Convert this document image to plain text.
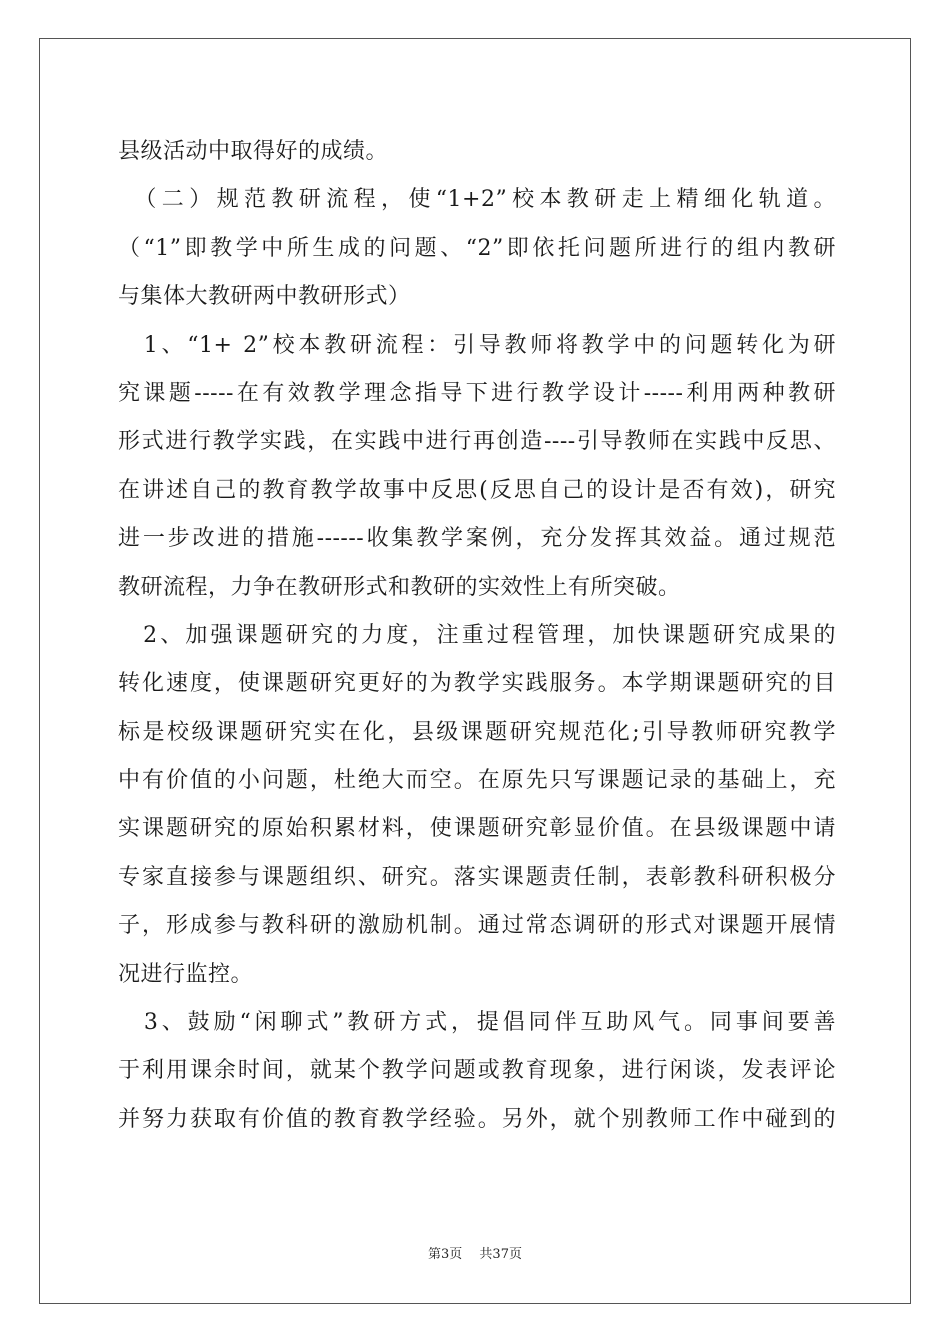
县级活动中取得好的成绩。
　（二）规范教研流程，使“1+2”校本教研走上精细化轨道。
（“1”即教学中所生成的问题、“2”即依托问题所进行的组内教研
与集体大教研两中教研形式）
　1、“1+ 2”校本教研流程：引导教师将教学中的问题转化为研
究课题-----在有效教学理念指导下进行教学设计-----利用两种教研
形式进行教学实践，在实践中进行再创造----引导教师在实践中反思、
在讲述自己的教育教学故事中反思(反思自己的设计是否有效)，研究
进一步改进的措施------收集教学案例，充分发挥其效益。通过规范
教研流程，力争在教研形式和教研的实效性上有所突破。
　2、加强课题研究的力度，注重过程管理，加快课题研究成果的
转化速度，使课题研究更好的为教学实践服务。本学期课题研究的目
标是校级课题研究实在化，县级课题研究规范化;引导教师研究教学
中有价值的小问题，杜绝大而空。在原先只写课题记录的基础上，充
实课题研究的原始积累材料，使课题研究彰显价值。在县级课题中请
专家直接参与课题组织、研究。落实课题责任制，表彰教科研积极分
子，形成参与教科研的激励机制。通过常态调研的形式对课题开展情
况进行监控。
　3、鼓励“闲聊式”教研方式，提倡同伴互助风气。同事间要善
于利用课余时间，就某个教学问题或教育现象，进行闲谈，发表评论
并努力获取有价值的教育教学经验。另外，就个别教师工作中碰到的
第3页　 共37页
